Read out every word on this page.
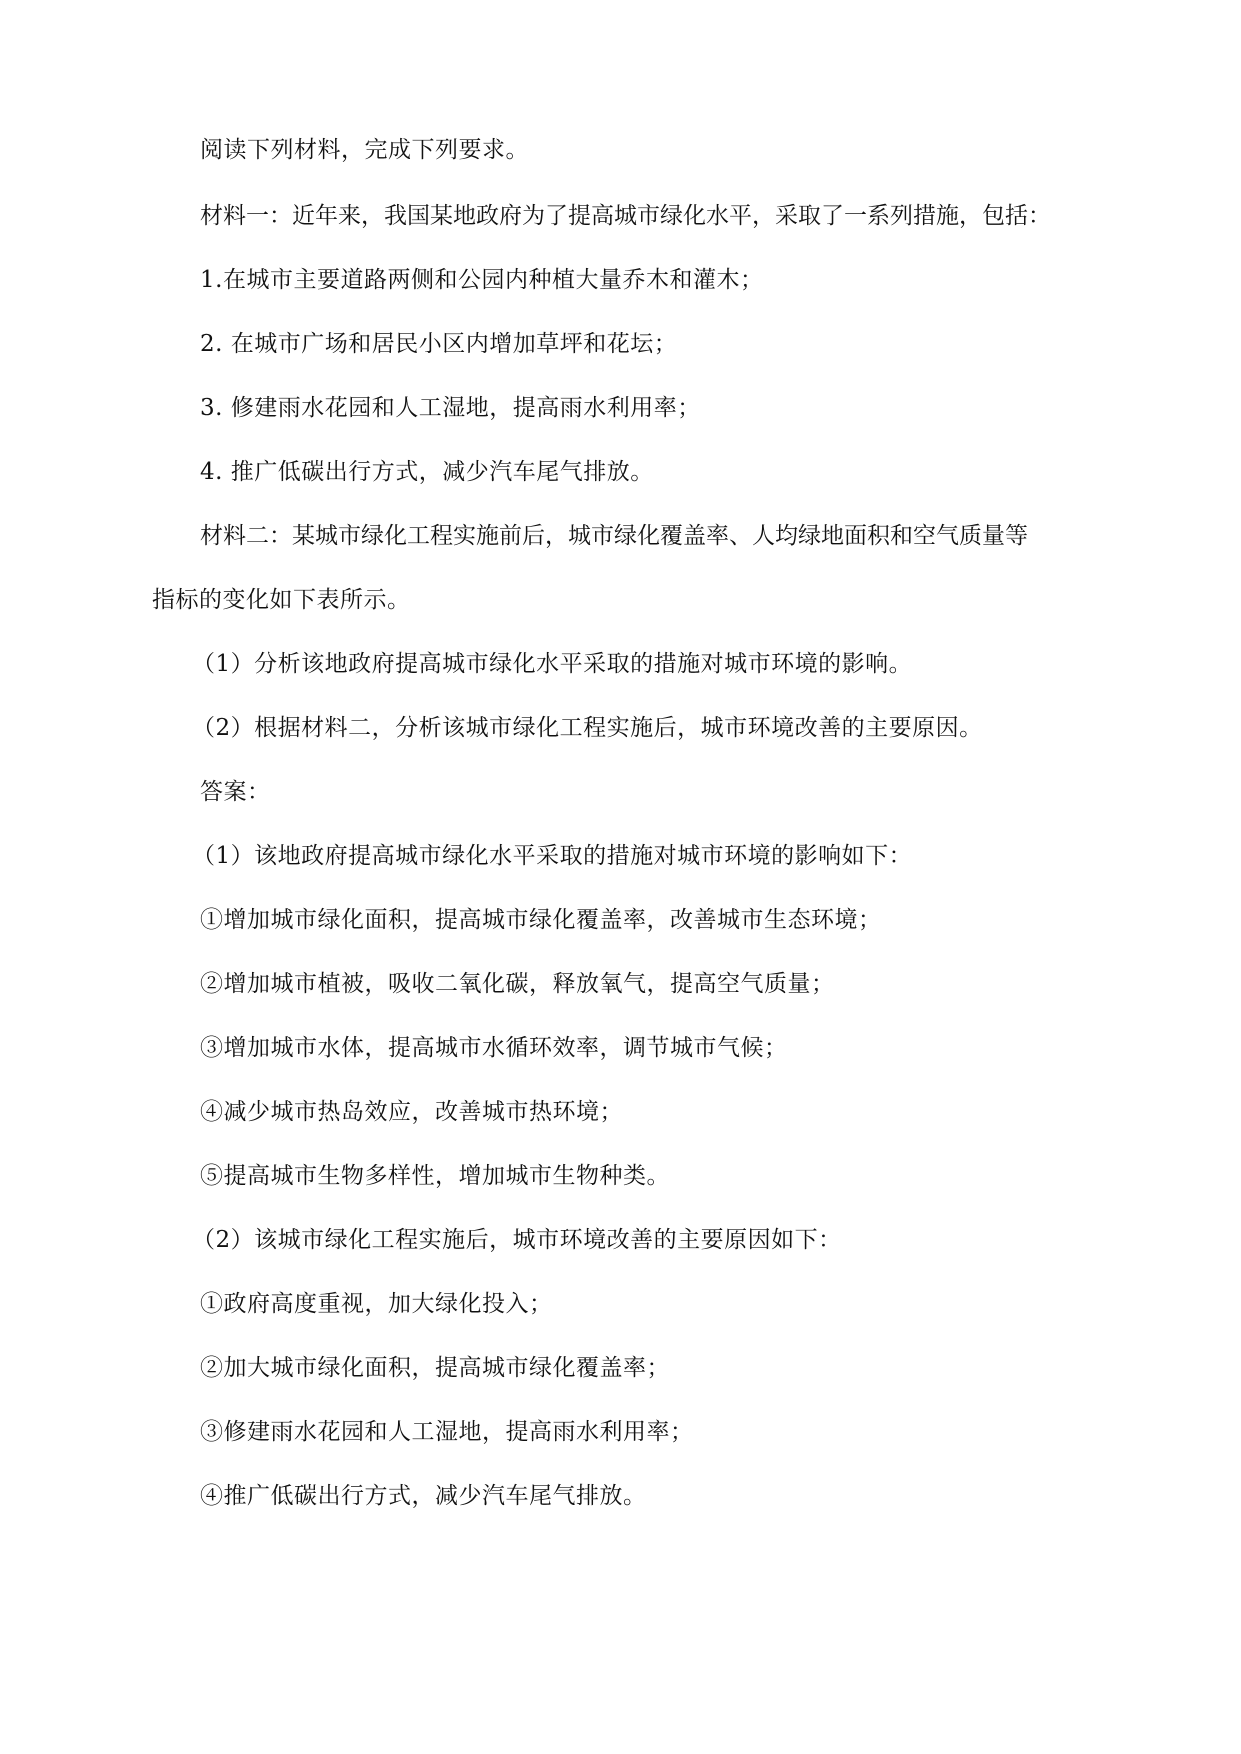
阅读下列材料，完成下列要求。
材料一：近年来，我国某地政府为了提高城市绿化水平，采取了一系列措施，包括：
1.在城市主要道路两侧和公园内种植大量乔木和灌木；
2. 在城市广场和居民小区内增加草坪和花坛；
3. 修建雨水花园和人工湿地，提高雨水利用率；
4. 推广低碳出行方式，减少汽车尾气排放。
材料二：某城市绿化工程实施前后，城市绿化覆盖率、人均绿地面积和空气质量等
指标的变化如下表所示。
（1）分析该地政府提高城市绿化水平采取的措施对城市环境的影响。
（2）根据材料二，分析该城市绿化工程实施后，城市环境改善的主要原因。
答案：
（1）该地政府提高城市绿化水平采取的措施对城市环境的影响如下：
①增加城市绿化面积，提高城市绿化覆盖率，改善城市生态环境；
②增加城市植被，吸收二氧化碳，释放氧气，提高空气质量；
③增加城市水体，提高城市水循环效率，调节城市气候；
④减少城市热岛效应，改善城市热环境；
⑤提高城市生物多样性，增加城市生物种类。
（2）该城市绿化工程实施后，城市环境改善的主要原因如下：
①政府高度重视，加大绿化投入；
②加大城市绿化面积，提高城市绿化覆盖率；
③修建雨水花园和人工湿地，提高雨水利用率；
④推广低碳出行方式，减少汽车尾气排放。
